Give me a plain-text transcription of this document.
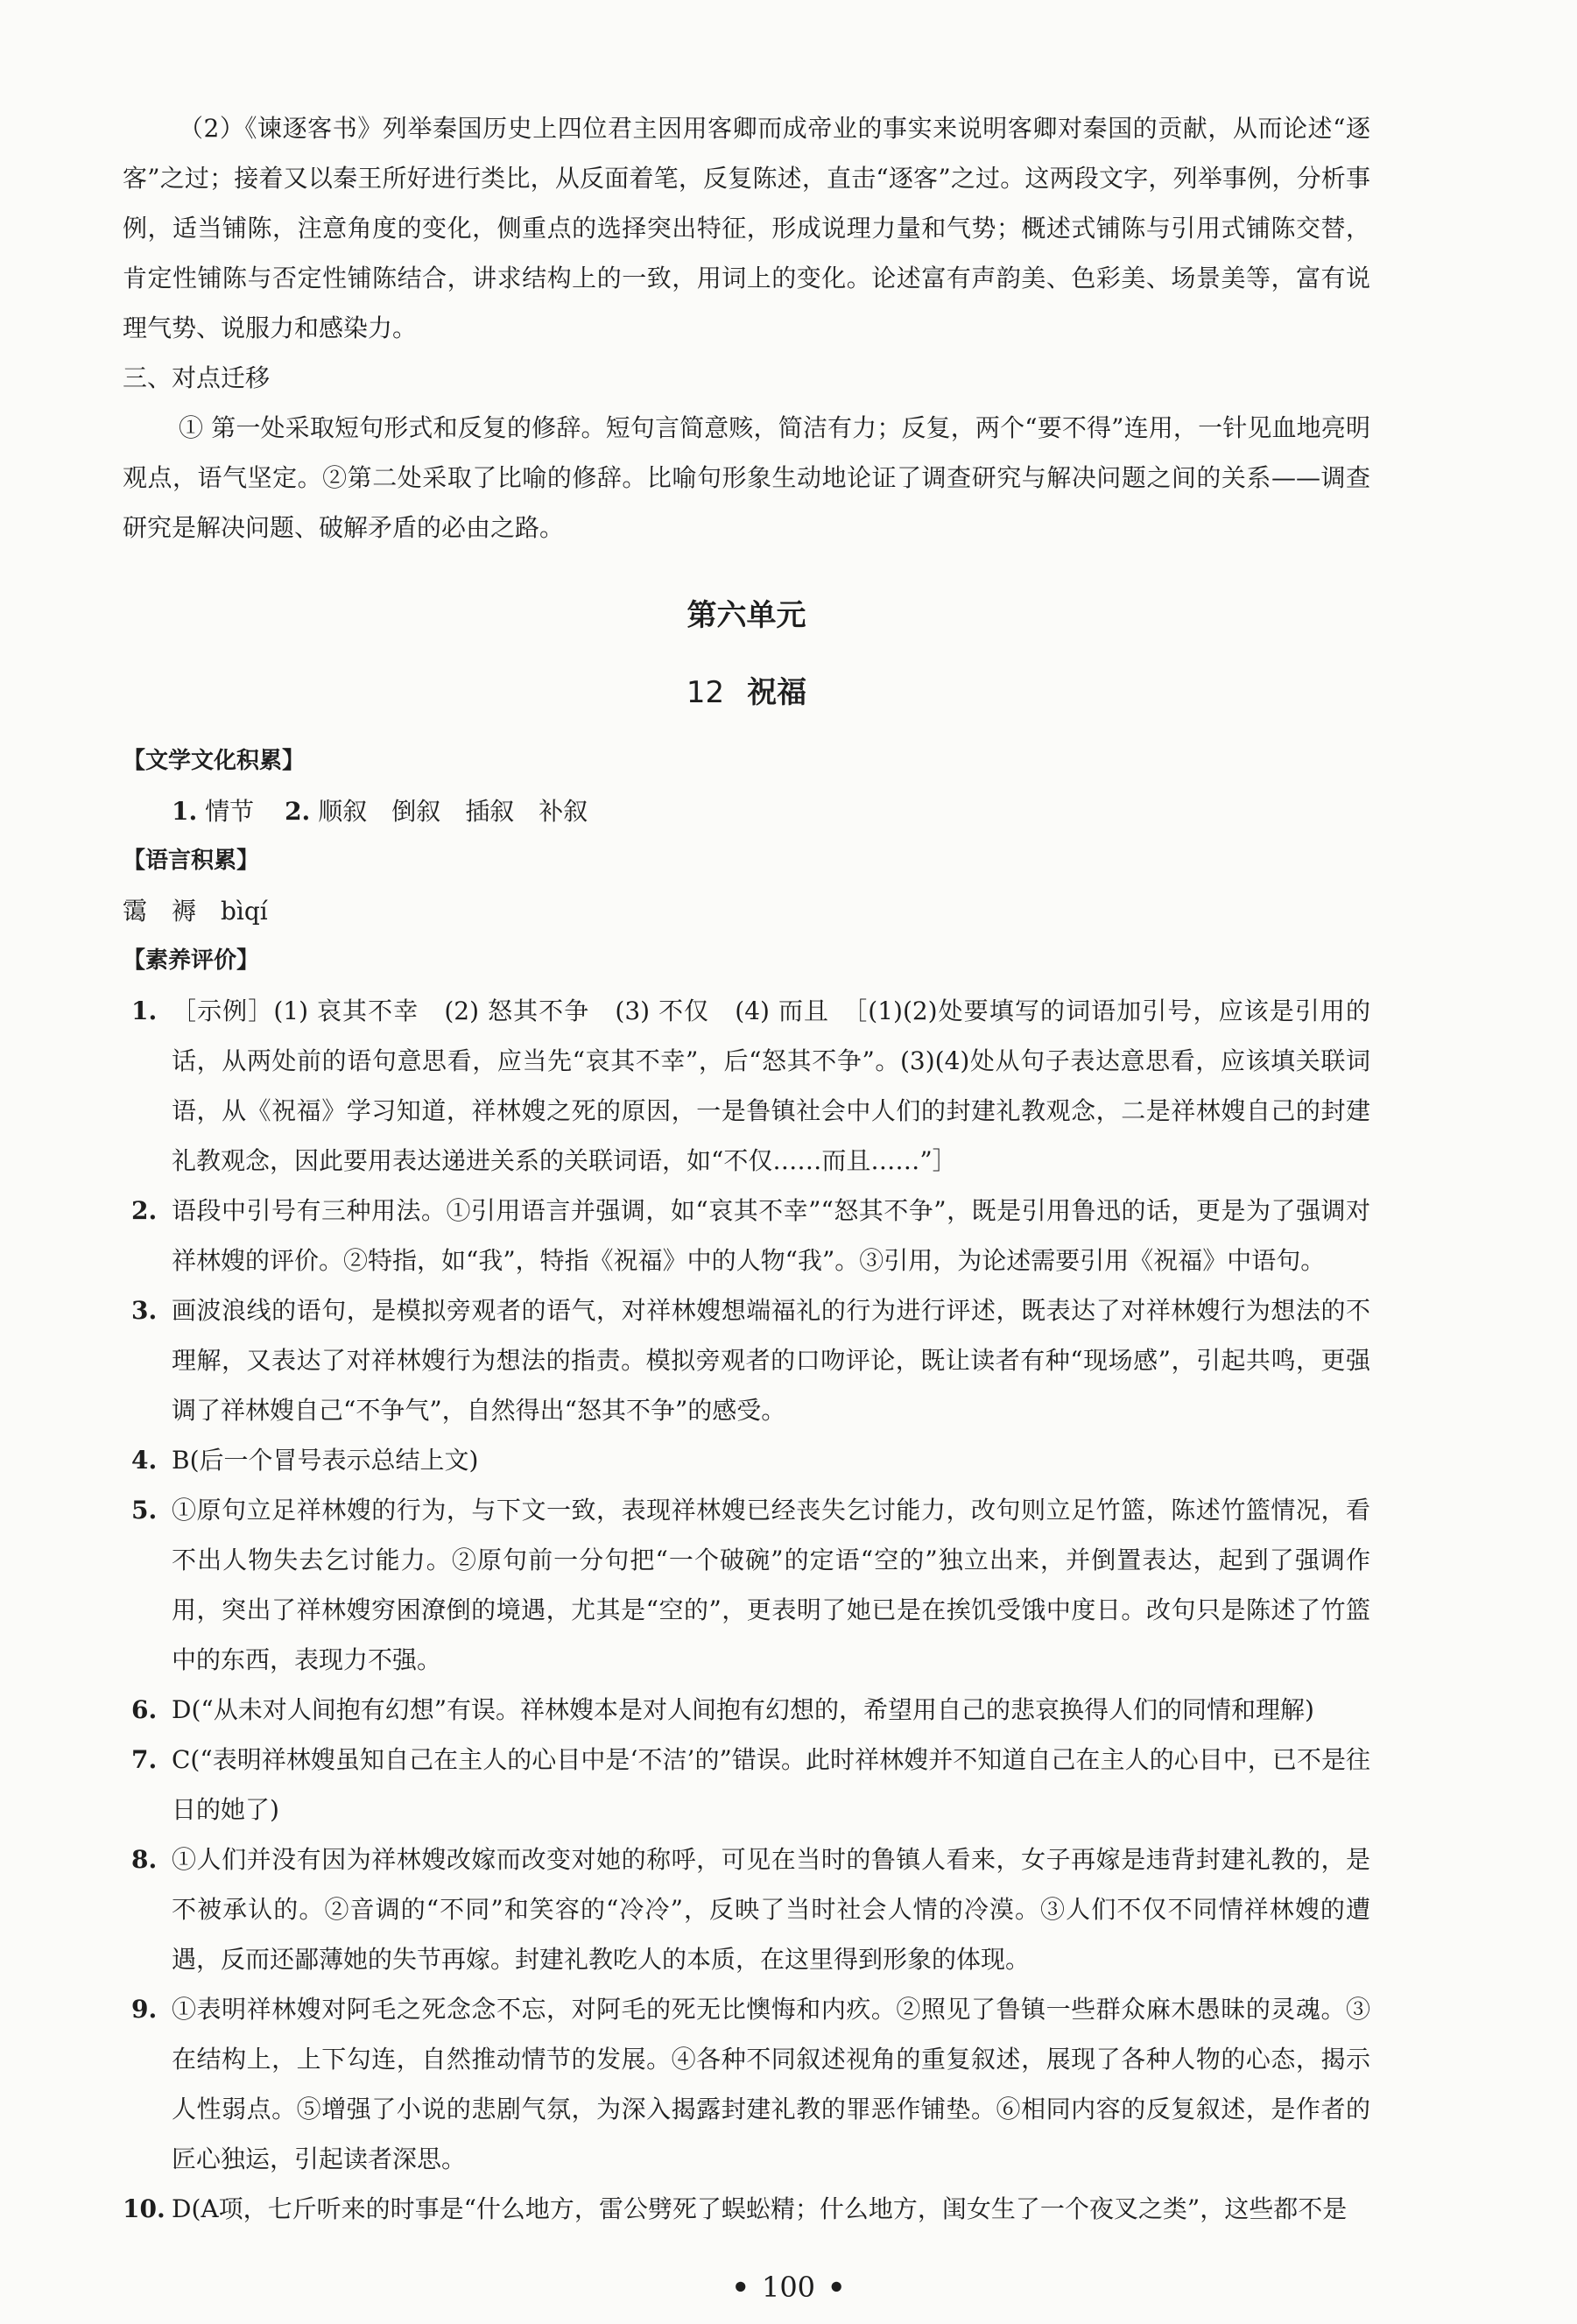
（2）《谏逐客书》列举秦国历史上四位君主因用客卿而成帝业的事实来说明客卿对秦国的贡献，从而论述“逐客”之过；接着又以秦王所好进行类比，从反面着笔，反复陈述，直击“逐客”之过。这两段文字，列举事例，分析事例，适当铺陈，注意角度的变化，侧重点的选择突出特征，形成说理力量和气势；概述式铺陈与引用式铺陈交替，肯定性铺陈与否定性铺陈结合，讲求结构上的一致，用词上的变化。论述富有声韵美、色彩美、场景美等，富有说理气势、说服力和感染力。

三、对点迁移

① 第一处采取短句形式和反复的修辞。短句言简意赅，简洁有力；反复，两个“要不得”连用，一针见血地亮明观点，语气坚定。②第二处采取了比喻的修辞。比喻句形象生动地论证了调查研究与解决问题之间的关系——调查研究是解决问题、破解矛盾的必由之路。

第六单元
12 祝福

【文学文化积累】

1. 情节 2. 顺叙　倒叙　插叙　补叙

【语言积累】

霭　褥　bìqí

【素养评价】

1. ［示例］(1) 哀其不幸　(2) 怒其不争　(3) 不仅　(4) 而且　［(1)(2)处要填写的词语加引号，应该是引用的话，从两处前的语句意思看，应当先“哀其不幸”，后“怒其不争”。(3)(4)处从句子表达意思看，应该填关联词语，从《祝福》学习知道，祥林嫂之死的原因，一是鲁镇社会中人们的封建礼教观念，二是祥林嫂自己的封建礼教观念，因此要用表达递进关系的关联词语，如“不仅……而且……”］

2. 语段中引号有三种用法。①引用语言并强调，如“哀其不幸”“怒其不争”，既是引用鲁迅的话，更是为了强调对祥林嫂的评价。②特指，如“我”，特指《祝福》中的人物“我”。③引用，为论述需要引用《祝福》中语句。

3. 画波浪线的语句，是模拟旁观者的语气，对祥林嫂想端福礼的行为进行评述，既表达了对祥林嫂行为想法的不理解，又表达了对祥林嫂行为想法的指责。模拟旁观者的口吻评论，既让读者有种“现场感”，引起共鸣，更强调了祥林嫂自己“不争气”，自然得出“怒其不争”的感受。

4. B(后一个冒号表示总结上文)

5. ①原句立足祥林嫂的行为，与下文一致，表现祥林嫂已经丧失乞讨能力，改句则立足竹篮，陈述竹篮情况，看不出人物失去乞讨能力。②原句前一分句把“一个破碗”的定语“空的”独立出来，并倒置表达，起到了强调作用，突出了祥林嫂穷困潦倒的境遇，尤其是“空的”，更表明了她已是在挨饥受饿中度日。改句只是陈述了竹篮中的东西，表现力不强。

6. D(“从未对人间抱有幻想”有误。祥林嫂本是对人间抱有幻想的，希望用自己的悲哀换得人们的同情和理解)

7. C(“表明祥林嫂虽知自己在主人的心目中是‘不洁’的”错误。此时祥林嫂并不知道自己在主人的心目中，已不是往日的她了)

8. ①人们并没有因为祥林嫂改嫁而改变对她的称呼，可见在当时的鲁镇人看来，女子再嫁是违背封建礼教的，是不被承认的。②音调的“不同”和笑容的“冷冷”，反映了当时社会人情的冷漠。③人们不仅不同情祥林嫂的遭遇，反而还鄙薄她的失节再嫁。封建礼教吃人的本质，在这里得到形象的体现。

9. ①表明祥林嫂对阿毛之死念念不忘，对阿毛的死无比懊悔和内疚。②照见了鲁镇一些群众麻木愚昧的灵魂。③在结构上，上下勾连，自然推动情节的发展。④各种不同叙述视角的重复叙述，展现了各种人物的心态，揭示人性弱点。⑤增强了小说的悲剧气氛，为深入揭露封建礼教的罪恶作铺垫。⑥相同内容的反复叙述，是作者的匠心独运，引起读者深思。

10. D(A项，七斤听来的时事是“什么地方，雷公劈死了蜈蚣精；什么地方，闺女生了一个夜叉之类”，这些都不是

• 100 •
